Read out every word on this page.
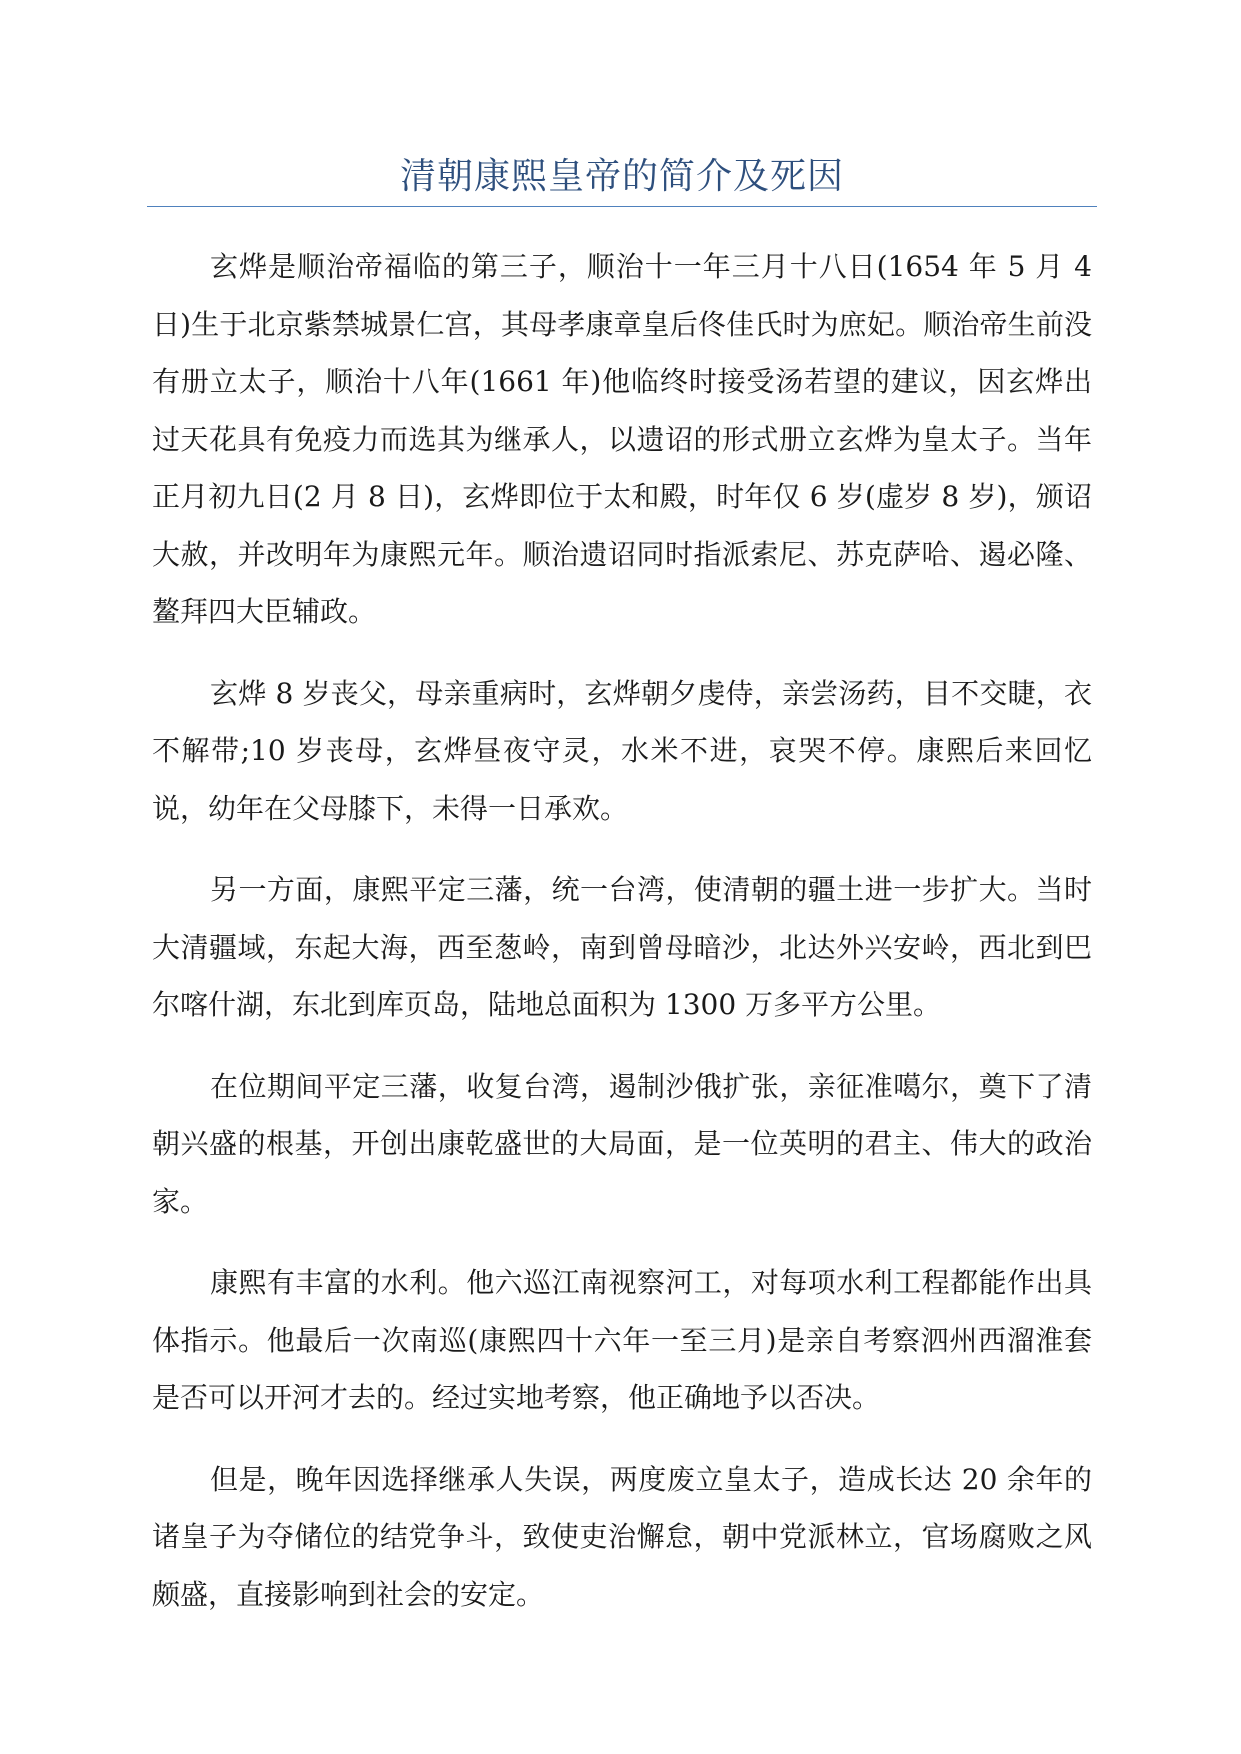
清朝康熙皇帝的简介及死因

玄烨是顺治帝福临的第三子，顺治十一年三月十八日(1654 年 5 月 4 日)生于北京紫禁城景仁宫，其母孝康章皇后佟佳氏时为庶妃。顺治帝生前没有册立太子，顺治十八年(1661 年)他临终时接受汤若望的建议，因玄烨出过天花具有免疫力而选其为继承人，以遗诏的形式册立玄烨为皇太子。当年正月初九日(2 月 8 日)，玄烨即位于太和殿，时年仅 6 岁(虚岁 8 岁)，颁诏大赦，并改明年为康熙元年。顺治遗诏同时指派索尼、苏克萨哈、遏必隆、鳌拜四大臣辅政。

玄烨 8 岁丧父，母亲重病时，玄烨朝夕虔侍，亲尝汤药，目不交睫，衣不解带;10 岁丧母，玄烨昼夜守灵，水米不进，哀哭不停。康熙后来回忆说，幼年在父母膝下，未得一日承欢。

另一方面，康熙平定三藩，统一台湾，使清朝的疆土进一步扩大。当时大清疆域，东起大海，西至葱岭，南到曾母暗沙，北达外兴安岭，西北到巴尔喀什湖，东北到库页岛，陆地总面积为 1300 万多平方公里。

在位期间平定三藩，收复台湾，遏制沙俄扩张，亲征准噶尔，奠下了清朝兴盛的根基，开创出康乾盛世的大局面，是一位英明的君主、伟大的政治家。

康熙有丰富的水利。他六巡江南视察河工，对每项水利工程都能作出具体指示。他最后一次南巡(康熙四十六年一至三月)是亲自考察泗州西溜淮套是否可以开河才去的。经过实地考察，他正确地予以否决。

但是，晚年因选择继承人失误，两度废立皇太子，造成长达 20 余年的诸皇子为夺储位的结党争斗，致使吏治懈怠，朝中党派林立，官场腐败之风颇盛，直接影响到社会的安定。
